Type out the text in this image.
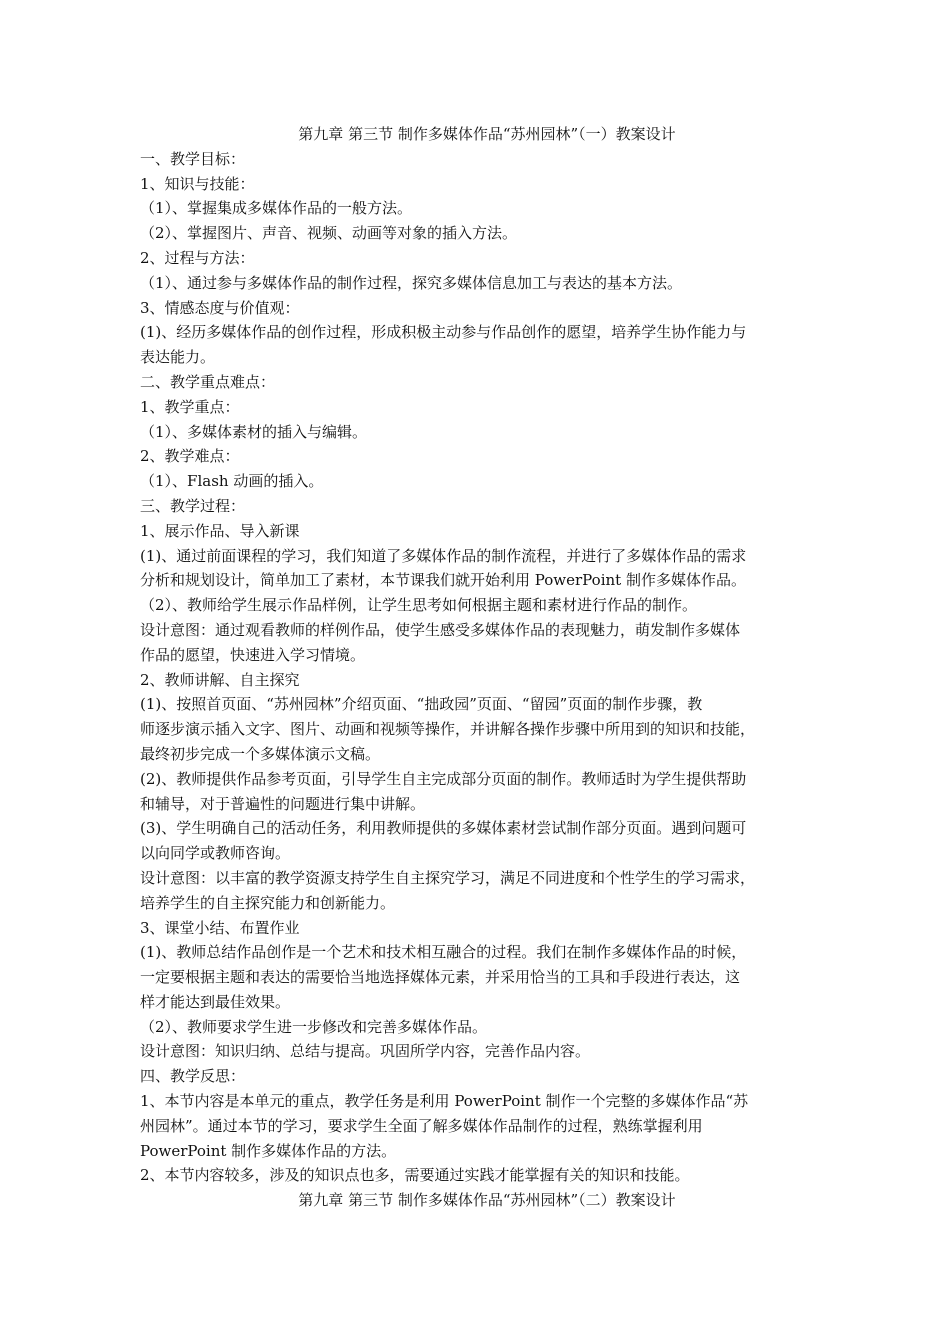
第九章 第三节 制作多媒体作品“苏州园林”（一）教案设计
一、教学目标：
1、知识与技能：
（1）、掌握集成多媒体作品的一般方法。
（2）、掌握图片、声音、视频、动画等对象的插入方法。
2、过程与方法：
（1）、通过参与多媒体作品的制作过程，探究多媒体信息加工与表达的基本方法。
3、情感态度与价值观：
(1)、经历多媒体作品的创作过程，形成积极主动参与作品创作的愿望，培养学生协作能力与
表达能力。
二、教学重点难点：
1、教学重点：
（1）、多媒体素材的插入与编辑。
2、教学难点：
（1）、Flash 动画的插入。
三、教学过程：
1、展示作品、导入新课
(1)、通过前面课程的学习，我们知道了多媒体作品的制作流程，并进行了多媒体作品的需求
分析和规划设计，简单加工了素材，本节课我们就开始利用 PowerPoint 制作多媒体作品。
（2）、教师给学生展示作品样例，让学生思考如何根据主题和素材进行作品的制作。
设计意图：通过观看教师的样例作品，使学生感受多媒体作品的表现魅力，萌发制作多媒体
作品的愿望，快速进入学习情境。
2、教师讲解、自主探究
(1)、按照首页面、“苏州园林”介绍页面、“拙政园”页面、“留园”页面的制作步骤，教
师逐步演示插入文字、图片、动画和视频等操作，并讲解各操作步骤中所用到的知识和技能，
最终初步完成一个多媒体演示文稿。
(2)、教师提供作品参考页面，引导学生自主完成部分页面的制作。教师适时为学生提供帮助
和辅导，对于普遍性的问题进行集中讲解。
(3)、学生明确自己的活动任务，利用教师提供的多媒体素材尝试制作部分页面。遇到问题可
以向同学或教师咨询。
设计意图：以丰富的教学资源支持学生自主探究学习，满足不同进度和个性学生的学习需求，
培养学生的自主探究能力和创新能力。
3、课堂小结、布置作业
(1)、教师总结作品创作是一个艺术和技术相互融合的过程。我们在制作多媒体作品的时候，
一定要根据主题和表达的需要恰当地选择媒体元素，并采用恰当的工具和手段进行表达，这
样才能达到最佳效果。
（2）、教师要求学生进一步修改和完善多媒体作品。
设计意图：知识归纳、总结与提高。巩固所学内容，完善作品内容。
四、教学反思：
1、本节内容是本单元的重点，教学任务是利用 PowerPoint 制作一个完整的多媒体作品“苏
州园林”。通过本节的学习，要求学生全面了解多媒体作品制作的过程，熟练掌握利用
PowerPoint 制作多媒体作品的方法。
2、本节内容较多，涉及的知识点也多，需要通过实践才能掌握有关的知识和技能。
第九章 第三节 制作多媒体作品“苏州园林”（二）教案设计
